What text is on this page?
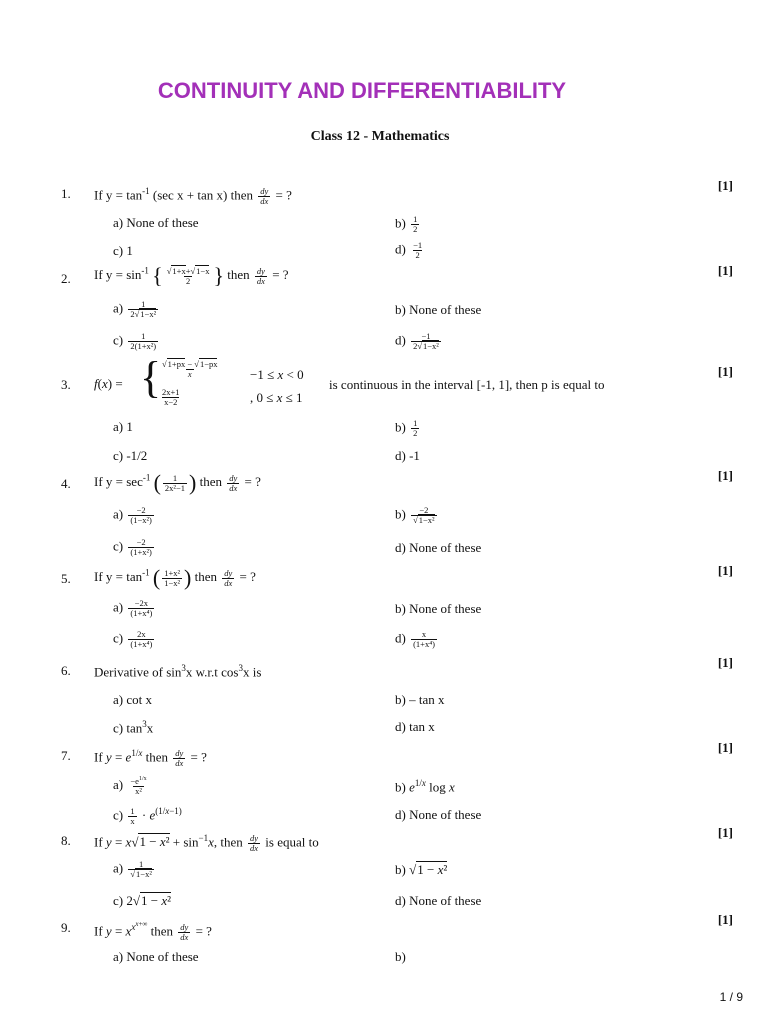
CONTINUITY AND DIFFERENTIABILITY
Class 12 - Mathematics
1. If $y = \tan^{-1} (\sec$ x + tan x) then $\frac{dy}{dx}$ = ?
[1]
a) None of these	$b) \frac{1}{2}$
c) 1	$d) \frac{-1}{2}$
2. If $y = \sin^{-1}$ { $\frac{√1+x+√1-x}{2}$ } then $\frac{dy}{dx}$ = ?	[1]
$a) \frac{1}{\text{2√1−x²}}$	b) None of these
$c) \frac{1}{\text{2(1+x²)}}$	$d) \frac{-1}{\text{2√1−x²}}$
3.
[1]
f(x) = {
$\frac{√1+px - √1-px}{x} -1 \le x < 0$
$\frac{2x+1}{x-2}$	, 0 ≤ x ≤ 1
is continuous in the interval [-1, 1], then p is equal to
a) 1	$b) \frac{1}{2}$
c) -1/2	d) -1
4. If $y = \sec^{-1}$ ( $\frac{1}{\text{2x²−1}}$ ) then $\frac{dy}{dx}$ = ?	[1]
$a) \frac{-2}{\text{(1−x²)}}$	$b) \frac{-2}{\text{√1−x²}}$
$c) \frac{-2}{\text{(1+x²)}}$	d) None of these
5. If $y = \tan^{-1}$ ( $\frac{\text{1+x²}}{\text{1−x²}}$ ) then $\frac{dy}{dx}$ = ?	[1]
$a) \frac{-2x}{\text{(1+x⁴)}}$	b) None of these
$c) \frac{2x}{\text{(1+x⁴)}}$	$d) \frac{x}{\text{(1+x⁴)}}$
6. Derivative of $\sin^3x$ w.r.t $\cos^3x$ is
[1]
a) cot x	b) – tan x
c) $\tan^3x$	d) tan x
7. If $y = e^{1/x}$ then $\frac{dy}{dx}$ = ?
[1]
$a) \frac{-e^{1/x}}{\text{x²}}$	b) $e^{1/x}$ log x
$c) \frac{1}{x} \cdot e^{(1/x-1)}$	d) None of these
8. If $y = x√1 - x^2 + \sin^{-1}x$, then $\frac{dy}{dx}$ is equal to
[1]
$a) \frac{1}{\text{√1−x²}}$	b) √1 − x²
c) 2√1 − x²	d) None of these
9. If $y = x^{x^{x+\infty}}$ then $\frac{dy}{dx}$ = ?
[1]
a) None of these	b)
1 / 9
